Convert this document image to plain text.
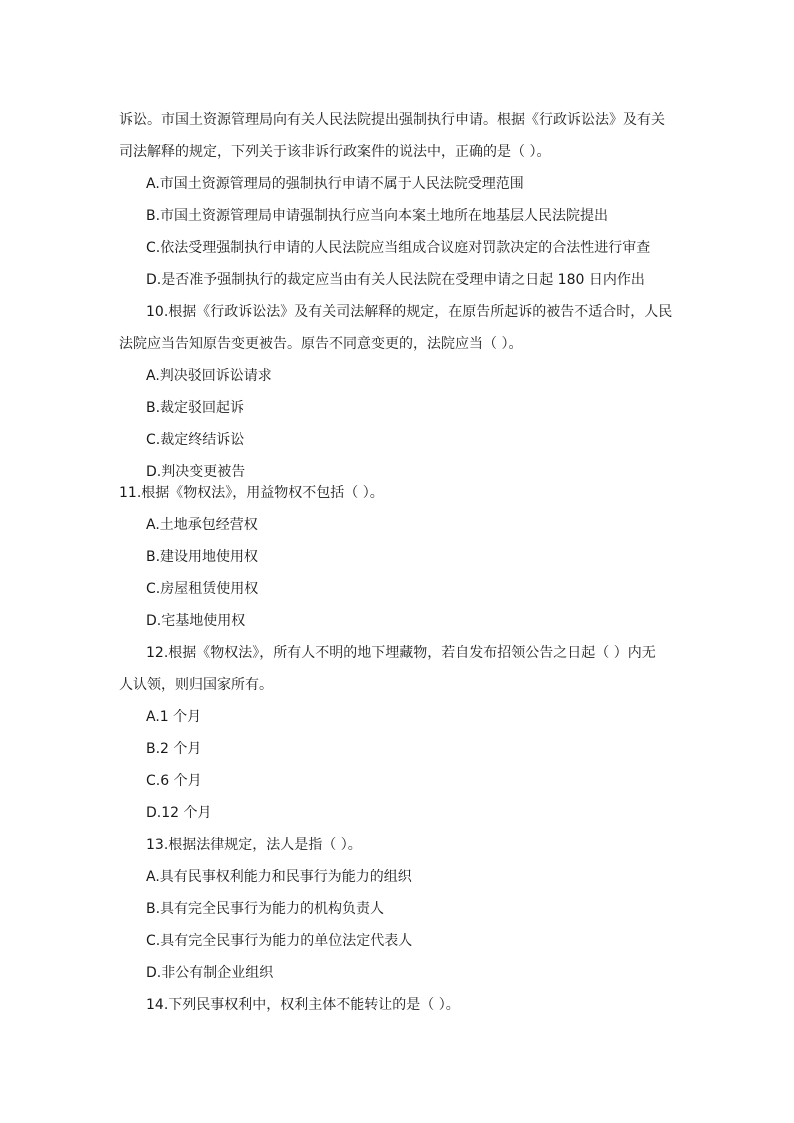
诉讼。市国土资源管理局向有关人民法院提出强制执行申请。根据《行政诉讼法》及有关
司法解释的规定，下列关于该非诉行政案件的说法中，正确的是（ ）。
A.市国土资源管理局的强制执行申请不属于人民法院受理范围
B.市国土资源管理局申请强制执行应当向本案土地所在地基层人民法院提出
C.依法受理强制执行申请的人民法院应当组成合议庭对罚款决定的合法性进行审查
D.是否准予强制执行的裁定应当由有关人民法院在受理申请之日起 180 日内作出
10.根据《行政诉讼法》及有关司法解释的规定，在原告所起诉的被告不适合时，人民
法院应当告知原告变更被告。原告不同意变更的，法院应当（ ）。
A.判决驳回诉讼请求
B.裁定驳回起诉
C.裁定终结诉讼
D.判决变更被告
11.根据《物权法》，用益物权不包括（ ）。
A.土地承包经营权
B.建设用地使用权
C.房屋租赁使用权
D.宅基地使用权
12.根据《物权法》，所有人不明的地下埋藏物，若自发布招领公告之日起（ ）内无
人认领，则归国家所有。
A.1 个月
B.2 个月
C.6 个月
D.12 个月
13.根据法律规定，法人是指（ ）。
A.具有民事权利能力和民事行为能力的组织
B.具有完全民事行为能力的机构负责人
C.具有完全民事行为能力的单位法定代表人
D.非公有制企业组织
14.下列民事权利中，权利主体不能转让的是（ ）。
